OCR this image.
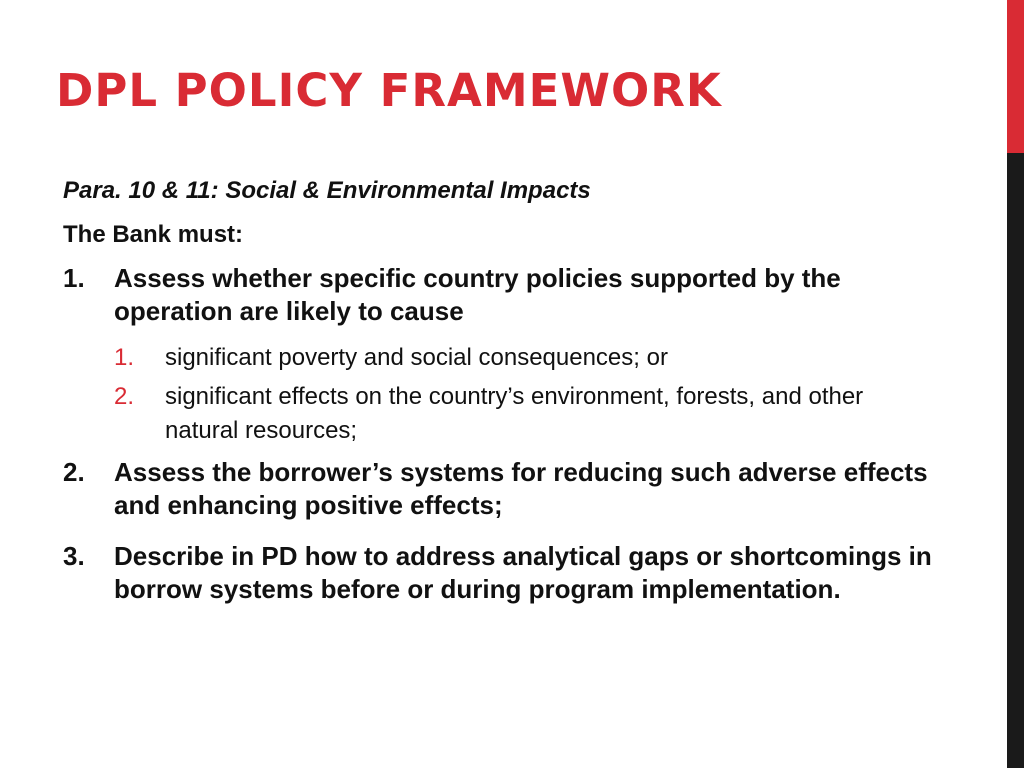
DPL POLICY FRAMEWORK

Para. 10 & 11: Social & Environmental Impacts

The Bank must:

1. Assess whether specific country policies supported by the operation are likely to cause
1. significant poverty and social consequences; or
2. significant effects on the country’s environment, forests, and other natural resources;
2. Assess the borrower’s systems for reducing such adverse effects and enhancing positive effects;
3. Describe in PD how to address analytical gaps or shortcomings in borrow systems before or during program implementation.
